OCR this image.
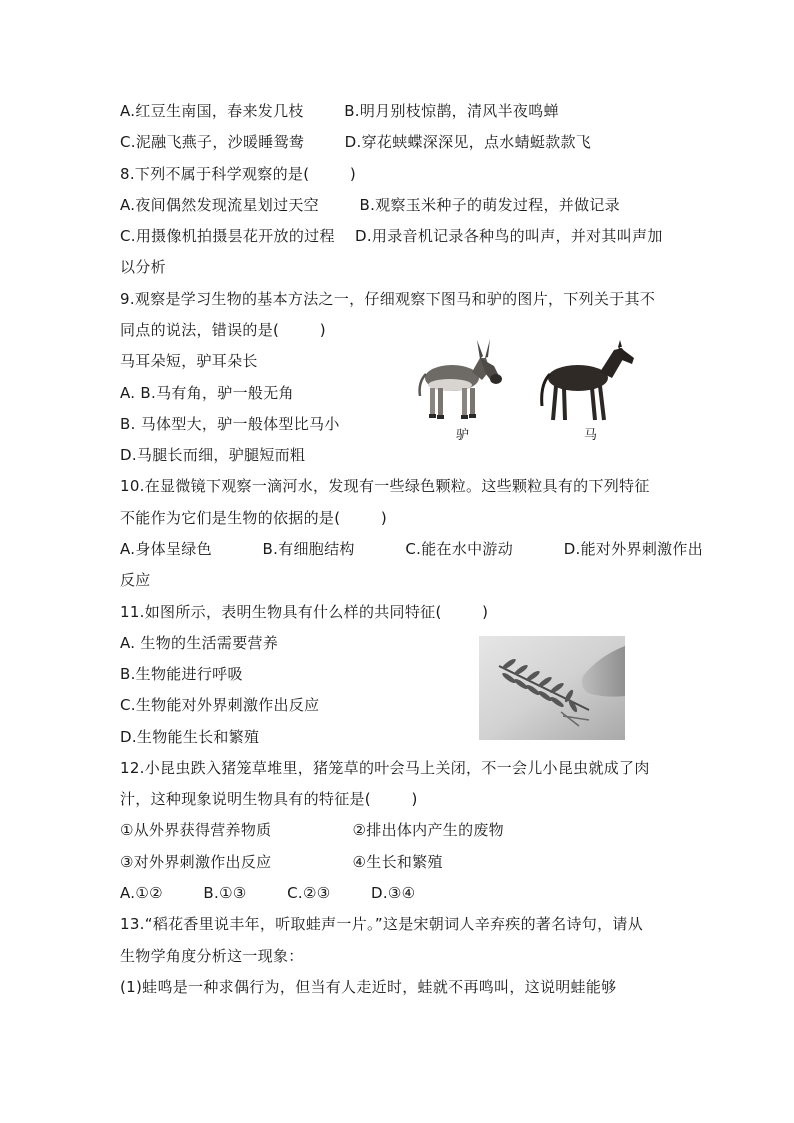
A.红豆生南国，春来发几枝        B.明月别枝惊鹊，清风半夜鸣蝉
C.泥融飞燕子，沙暖睡鸳鸯        D.穿花蛱蝶深深见，点水蜻蜓款款飞
8.下列不属于科学观察的是(        )
A.夜间偶然发现流星划过天空        B.观察玉米种子的萌发过程，并做记录
C.用摄像机拍摄昙花开放的过程    D.用录音机记录各种鸟的叫声，并对其叫声加
以分析
9.观察是学习生物的基本方法之一，仔细观察下图马和驴的图片，下列关于其不
同点的说法，错误的是(        )
马耳朵短，驴耳朵长
A. B.马有角，驴一般无角
B. 马体型大，驴一般体型比马小
D.马腿长而细，驴腿短而粗
10.在显微镜下观察一滴河水，发现有一些绿色颗粒。这些颗粒具有的下列特征
不能作为它们是生物的依据的是(        )
A.身体呈绿色          B.有细胞结构          C.能在水中游动          D.能对外界刺激作出
反应
11.如图所示，表明生物具有什么样的共同特征(        )
A. 生物的生活需要营养
B.生物能进行呼吸
C.生物能对外界刺激作出反应
D.生物能生长和繁殖
12.小昆虫跌入猪笼草堆里，猪笼草的叶会马上关闭，不一会儿小昆虫就成了肉
汁，这种现象说明生物具有的特征是(        )
①从外界获得营养物质                ②排出体内产生的废物
③对外界刺激作出反应                ④生长和繁殖
A.①②        B.①③        C.②③        D.③④
13.“稻花香里说丰年，听取蛙声一片。”这是宋朝词人辛弃疾的著名诗句，请从
生物学角度分析这一现象：
(1)蛙鸣是一种求偶行为，但当有人走近时，蛙就不再鸣叫，这说明蛙能够
驴	马
